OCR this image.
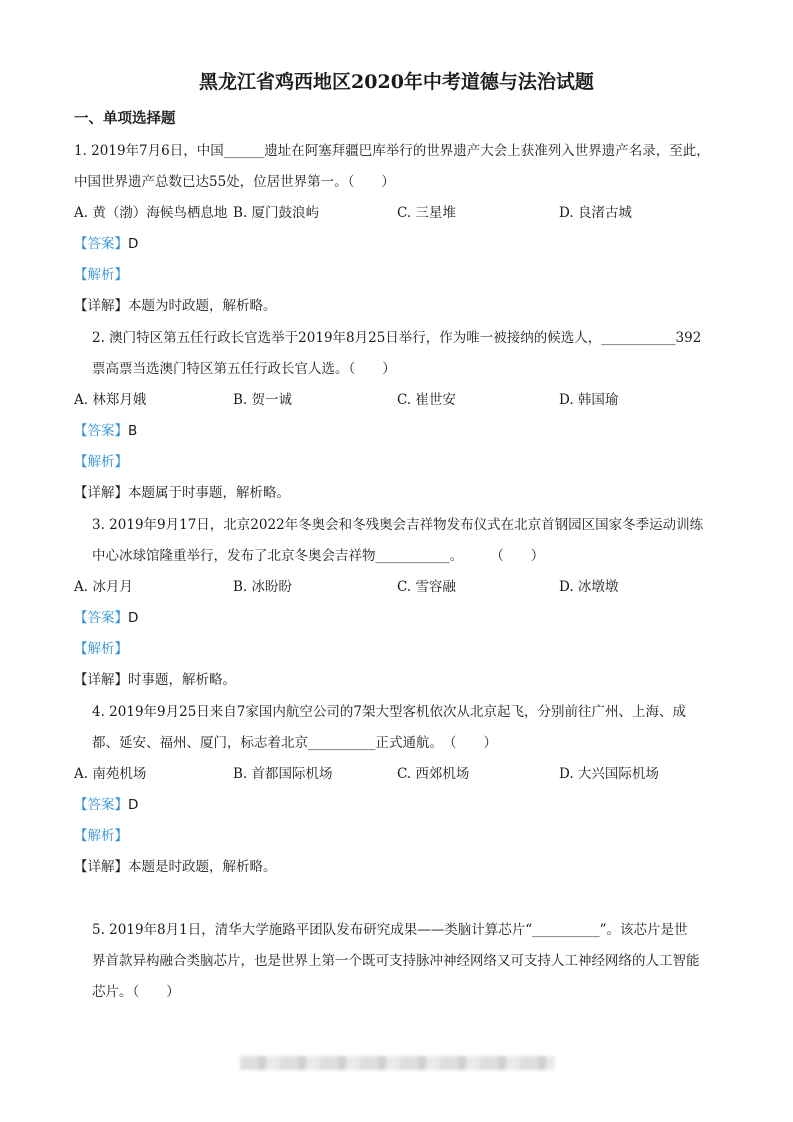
黑龙江省鸡西地区2020年中考道德与法治试题
一、单项选择题
1. 2019年7月6日，中国______遗址在阿塞拜疆巴库举行的世界遗产大会上获准列入世界遗产名录，至此，
中国世界遗产总数已达55处，位居世界第一。（　　）
A. 黄（渤）海候鸟栖息地 B. 厦门鼓浪屿	C. 三星堆	D. 良渚古城
【答案】D
【解析】
【详解】本题为时政题，解析略。
2. 澳门特区第五任行政长官选举于2019年8月25日举行，作为唯一被接纳的候选人，___________392
票高票当选澳门特区第五任行政长官人选。（　　）
A. 林郑月娥	B. 贺一诚	C. 崔世安	D. 韩国瑜
【答案】B
【解析】
【详解】本题属于时事题，解析略。
3. 2019年9月17日，北京2022年冬奥会和冬残奥会吉祥物发布仪式在北京首钢园区国家冬季运动训练
中心冰球馆隆重举行，发布了北京冬奥会吉祥物___________。　　　（　　）
A. 冰月月	B. 冰盼盼	C. 雪容融	D. 冰墩墩
【答案】D
【解析】
【详解】时事题，解析略。
4. 2019年9月25日来自7家国内航空公司的7架大型客机依次从北京起飞，分别前往广州、上海、成
都、延安、福州、厦门，标志着北京__________正式通航。　（　　）
A. 南苑机场	B. 首都国际机场	C. 西郊机场	D. 大兴国际机场
【答案】D
【解析】
【详解】本题是时政题，解析略。
5. 2019年8月1日，清华大学施路平团队发布研究成果——类脑计算芯片“__________”。该芯片是世
界首款异构融合类脑芯片，也是世界上第一个既可支持脉冲神经网络又可支持人工神经网络的人工智能
芯片。（　　）
